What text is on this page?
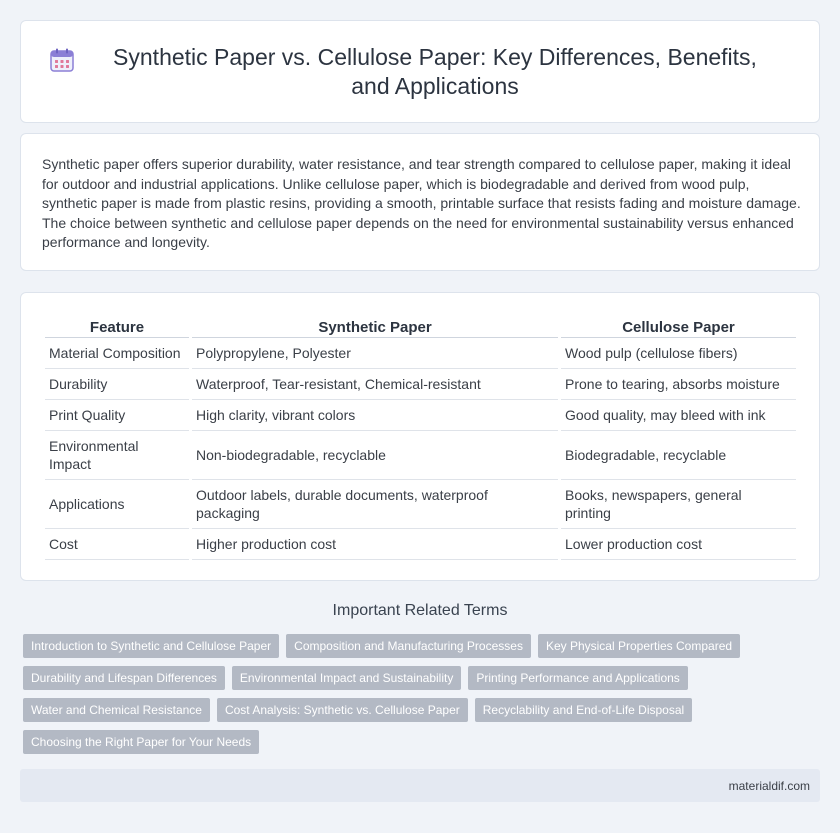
Synthetic Paper vs. Cellulose Paper: Key Differences, Benefits, and Applications

Synthetic paper offers superior durability, water resistance, and tear strength compared to cellulose paper, making it ideal for outdoor and industrial applications. Unlike cellulose paper, which is biodegradable and derived from wood pulp, synthetic paper is made from plastic resins, providing a smooth, printable surface that resists fading and moisture damage. The choice between synthetic and cellulose paper depends on the need for environmental sustainability versus enhanced performance and longevity.

Feature	Synthetic Paper	Cellulose Paper
Material Composition	Polypropylene, Polyester	Wood pulp (cellulose fibers)
Durability	Waterproof, Tear-resistant, Chemical-resistant	Prone to tearing, absorbs moisture
Print Quality	High clarity, vibrant colors	Good quality, may bleed with ink
Environmental Impact	Non-biodegradable, recyclable	Biodegradable, recyclable
Applications	Outdoor labels, durable documents, waterproof packaging	Books, newspapers, general printing
Cost	Higher production cost	Lower production cost
Important Related Terms
Introduction to Synthetic and Cellulose Paper	Composition and Manufacturing Processes	Key Physical Properties Compared
Durability and Lifespan Differences	Environmental Impact and Sustainability	Printing Performance and Applications
Water and Chemical Resistance	Cost Analysis: Synthetic vs. Cellulose Paper	Recyclability and End-of-Life Disposal
Choosing the Right Paper for Your Needs
materialdif.com
